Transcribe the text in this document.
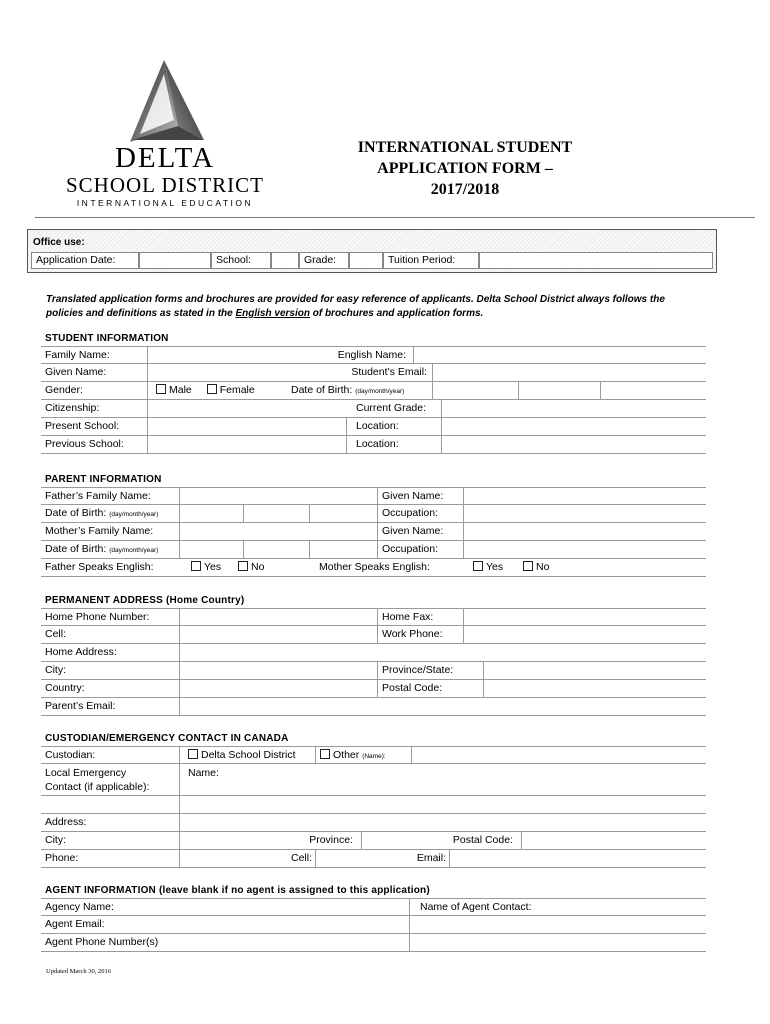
DELTA
SCHOOL DISTRICT
INTERNATIONAL EDUCATION
INTERNATIONAL STUDENT
APPLICATION FORM –
2017/2018
Office use:
Application Date:	School:	Grade:	Tuition Period:
Translated application forms and brochures are provided for easy reference of applicants. Delta School District always follows the policies and definitions as stated in the English version of brochures and application forms.
STUDENT INFORMATION
Family Name:	English Name:
Given Name:	Student’s Email:
Gender:	Male	Female	Date of Birth: (day/month/year)
Citizenship:	Current Grade:
Present School:	Location:
Previous School:	Location:
PARENT INFORMATION
Father’s Family Name:	Given Name:
Date of Birth: (day/month/year)	Occupation:
Mother’s Family Name:	Given Name:
Date of Birth: (day/month/year)	Occupation:
Father Speaks English:	Yes	No	Mother Speaks English:	Yes	No
PERMANENT ADDRESS (Home Country)
Home Phone Number:	Home Fax:
Cell:	Work Phone:
Home Address:
City:	Province/State:
Country:	Postal Code:
Parent’s Email:
CUSTODIAN/EMERGENCY CONTACT IN CANADA
Custodian:	Delta School District	Other (Name):
Local Emergency
Contact (if applicable):
Name:
Address:
City:	Province:	Postal Code:
Phone:	Cell:	Email:
AGENT INFORMATION (leave blank if no agent is assigned to this application)
Agency Name:	Name of Agent Contact:
Agent Email:
Agent Phone Number(s)
Updated March 30, 2016
